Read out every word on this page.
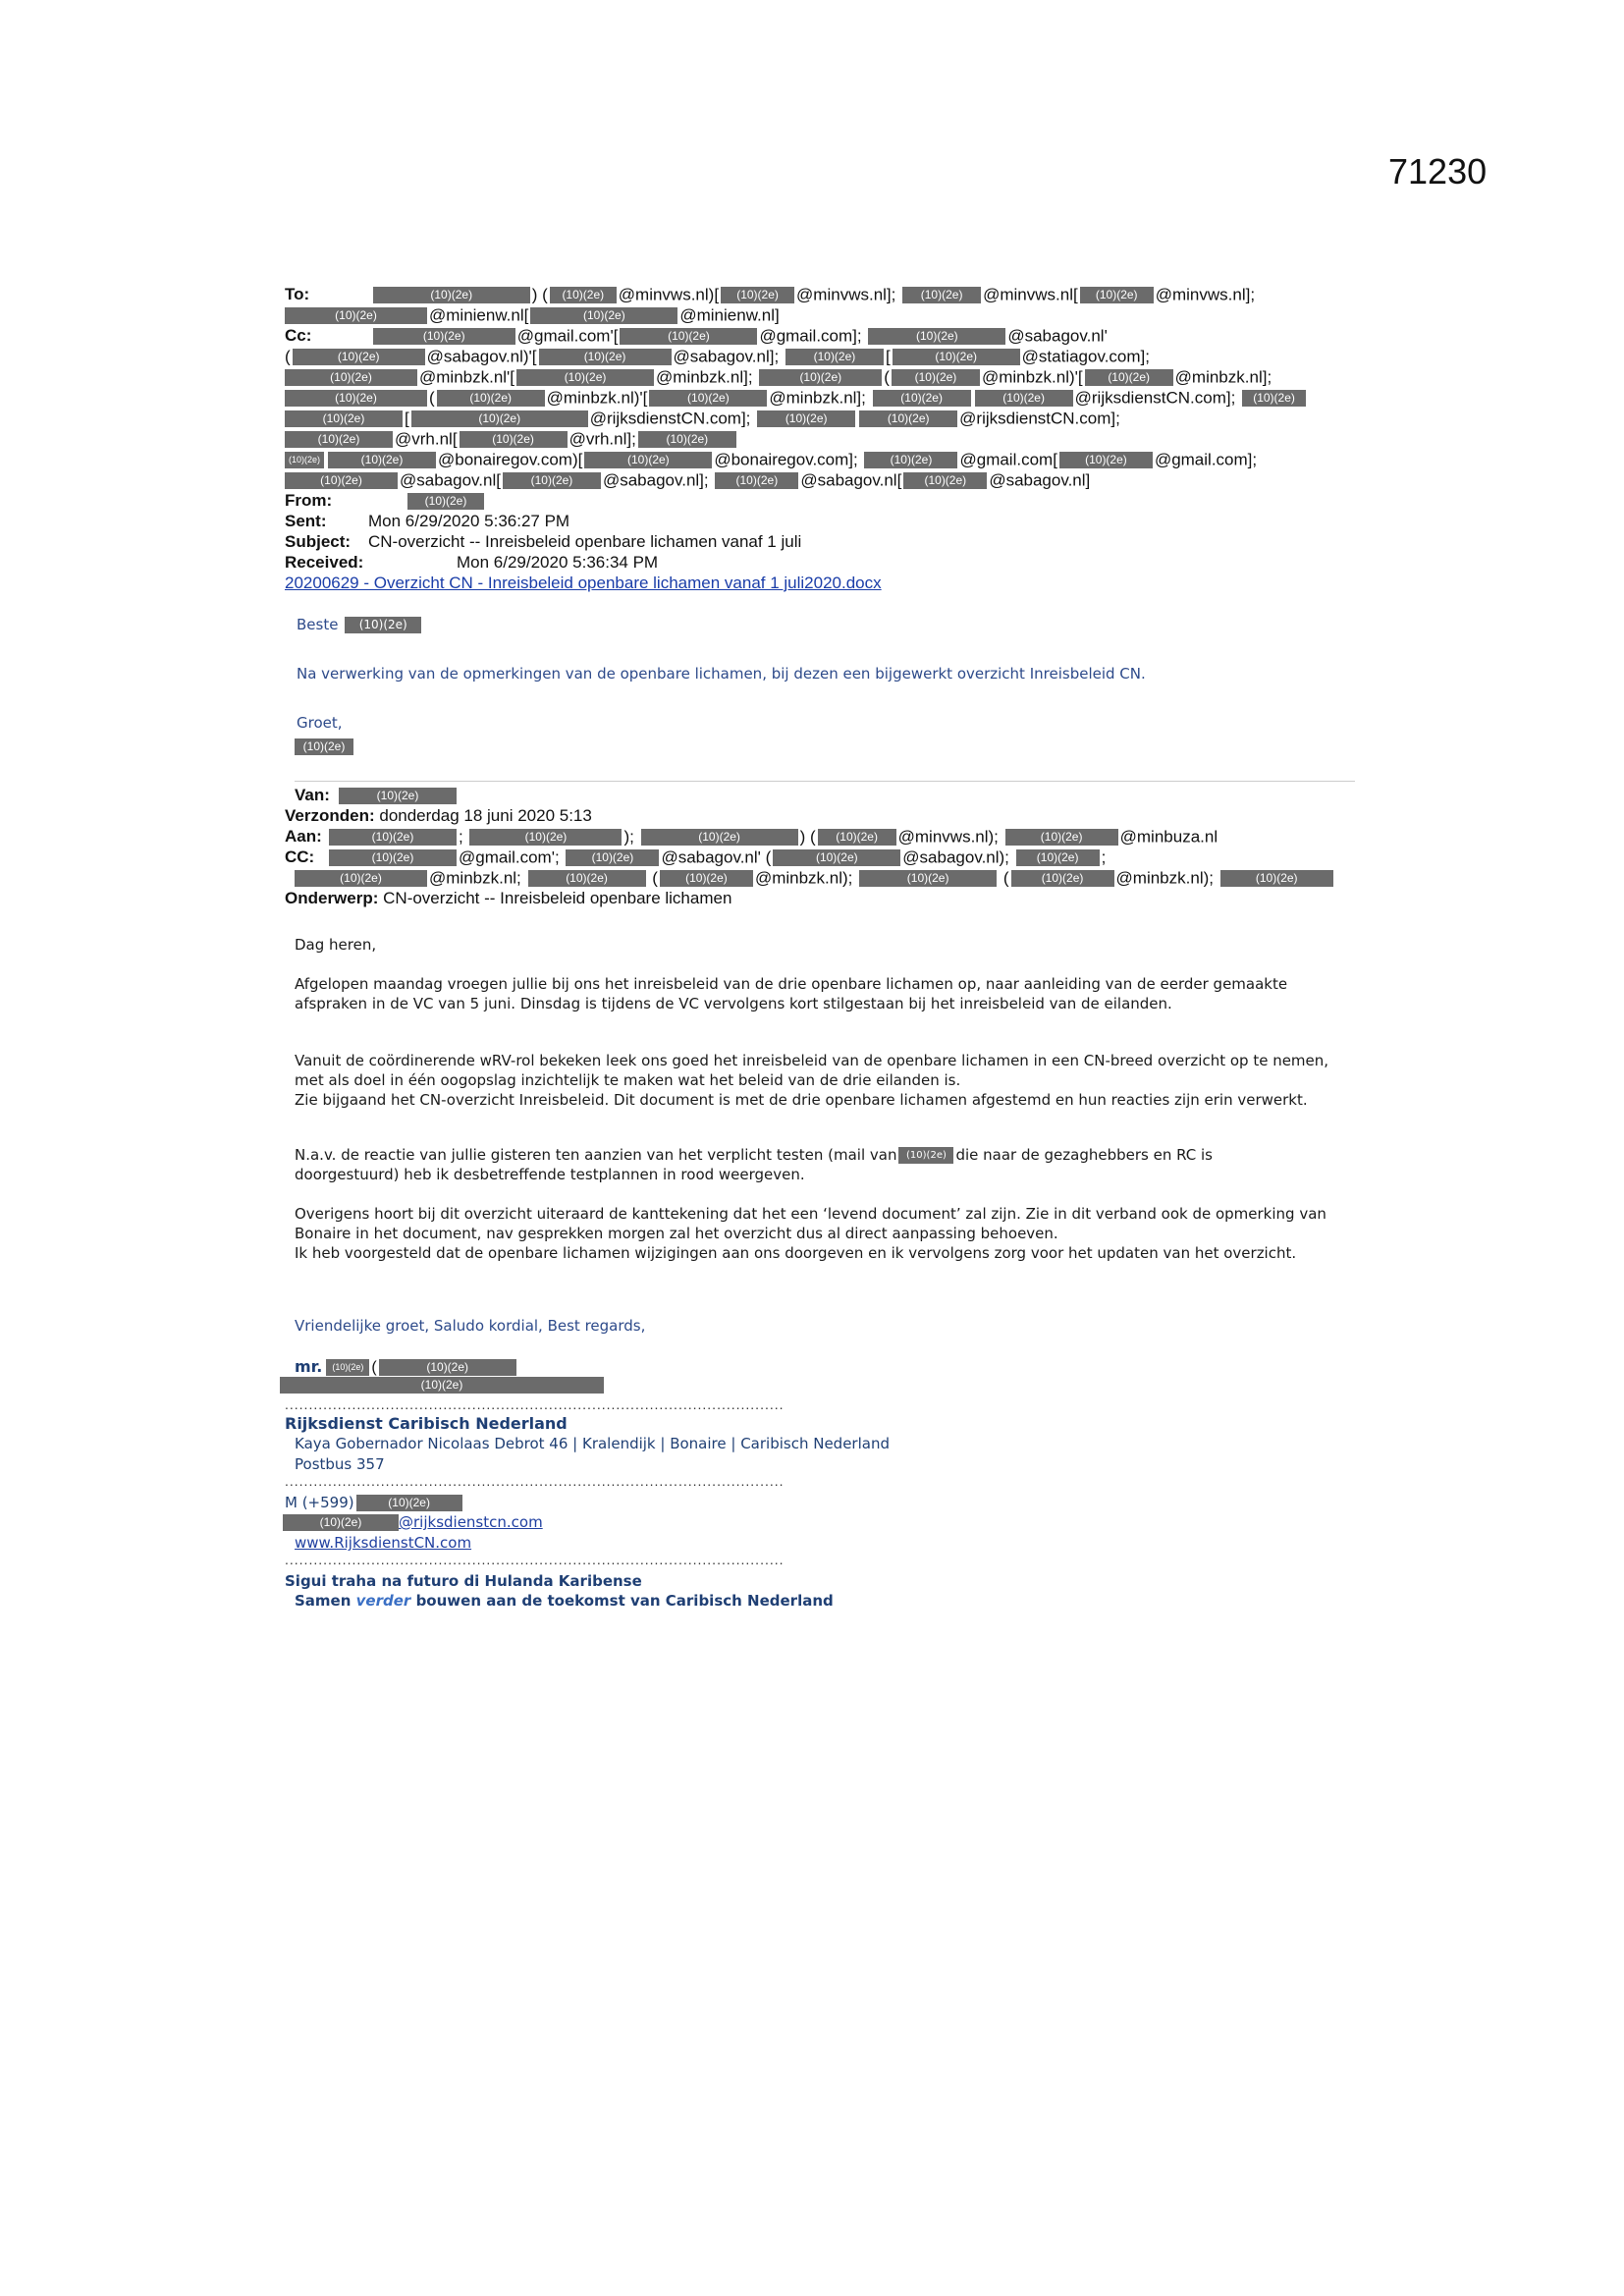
71230
To:	(10)(2e)	) ( (10)(2e) @minvws.nl)[ (10)(2e) @minvws.nl]; (10)(2e) @minvws.nl[ (10)(2e) @minvws.nl];
(10)(2e)	@minienw.nl[	(10)(2e)	@minienw.nl]
Cc:	(10)(2e)	@gmail.com'[	(10)(2e)	@gmail.com];	(10)(2e)	@sabagov.nl'
(	(10)(2e)	@sabagov.nl)'[	(10)(2e)	@sabagov.nl];	(10)(2e) [	(10)(2e)	@statiagov.com];
(10)(2e)	@minbzk.nl'[	(10)(2e)	@minbzk.nl];	(10)(2e)	( (10)(2e) @minbzk.nl)'[ (10)(2e) @minbzk.nl];
(10)(2e)	(	(10)(2e) @minbzk.nl)'[	(10)(2e) @minbzk.nl];	(10)(2e)	(10)(2e) @rijksdienstCN.com]; (10)(2e)
(10)(2e) [	(10)(2e)	@rijksdienstCN.com];	(10)(2e)	(10)(2e) @rijksdienstCN.com];
(10)(2e) @vrh.nl[	(10)(2e) @vrh.nl];	(10)(2e)
(10)(2e)	(10)(2e) @bonairegov.com)[	(10)(2e)	@bonairegov.com];	(10)(2e) @gmail.com[ (10)(2e) @gmail.com];
(10)(2e) @sabagov.nl[	(10)(2e) @sabagov.nl]; (10)(2e) @sabagov.nl[ (10)(2e) @sabagov.nl]
From:	(10)(2e)
Sent:	Mon 6/29/2020 5:36:27 PM
Subject: CN-overzicht -- Inreisbeleid openbare lichamen vanaf 1 juli
Received:	Mon 6/29/2020 5:36:34 PM
20200629 - Overzicht CN - Inreisbeleid openbare lichamen vanaf 1 juli2020.docx
Beste (10)(2e)
Na verwerking van de opmerkingen van de openbare lichamen, bij dezen een bijgewerkt overzicht Inreisbeleid CN.
Groet,
(10)(2e)
Van:	(10)(2e)
Verzonden: donderdag 18 juni 2020 5:13
Aan:	(10)(2e)	;	(10)(2e)	);	(10)(2e)	) ( (10)(2e) @minvws.nl);	(10)(2e) @minbuza.nl
CC:	(10)(2e)	@gmail.com';	(10)(2e) @sabagov.nl' (	(10)(2e)	@sabagov.nl); (10)(2e) ;
(10)(2e)	@minbzk.nl;	(10)(2e)	( (10)(2e) @minbzk.nl);	(10)(2e)	(	(10)(2e) @minbzk.nl);	(10)(2e)
Onderwerp: CN-overzicht -- Inreisbeleid openbare lichamen
Dag heren,
Afgelopen maandag vroegen jullie bij ons het inreisbeleid van de drie openbare lichamen op, naar aanleiding van de eerder gemaakte afspraken in de VC van 5 juni. Dinsdag is tijdens de VC vervolgens kort stilgestaan bij het inreisbeleid van de eilanden.
Vanuit de coördinerende wRV-rol bekeken leek ons goed het inreisbeleid van de openbare lichamen in een CN-breed overzicht op te nemen, met als doel in één oogopslag inzichtelijk te maken wat het beleid van de drie eilanden is.
Zie bijgaand het CN-overzicht Inreisbeleid. Dit document is met de drie openbare lichamen afgestemd en hun reacties zijn erin verwerkt.
N.a.v. de reactie van jullie gisteren ten aanzien van het verplicht testen (mail van (10)(2e) die naar de gezaghebbers en RC is
doorgestuurd) heb ik desbetreffende testplannen in rood weergeven.
Overigens hoort bij dit overzicht uiteraard de kanttekening dat het een ‘levend document’ zal zijn. Zie in dit verband ook de opmerking van Bonaire in het document, nav gesprekken morgen zal het overzicht dus al direct aanpassing behoeven.
Ik heb voorgesteld dat de openbare lichamen wijzigingen aan ons doorgeven en ik vervolgens zorg voor het updaten van het overzicht.
Vriendelijke groet, Saludo kordial, Best regards,
mr. (10)(2e) (	(10)(2e)
(10)(2e)
........................................................................................................
Rijksdienst Caribisch Nederland
Kaya Gobernador Nicolaas Debrot 46 | Kralendijk | Bonaire | Caribisch Nederland
Postbus 357
........................................................................................................
M (+599)	(10)(2e)
(10)(2e)	@rijksdienstcn.com
www.RijksdienstCN.com
........................................................................................................
Sigui traha na futuro di Hulanda Karibense
Samen verder bouwen aan de toekomst van Caribisch Nederland
